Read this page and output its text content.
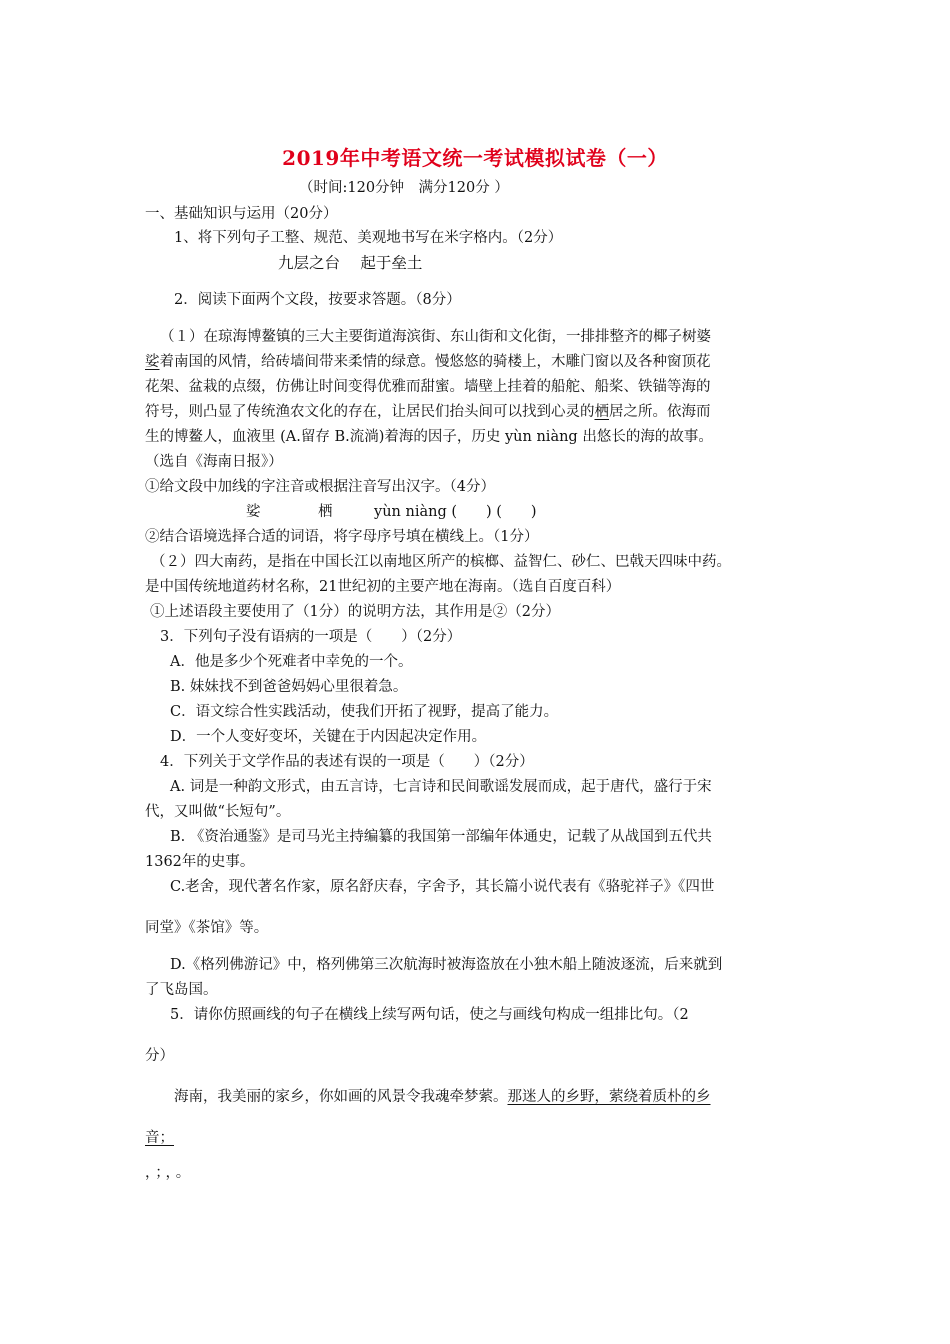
2019年中考语文统一考试模拟试卷（一）
（时间:120分钟　满分120分 ）
一、基础知识与运用（20分）
1、将下列句子工整、规范、美观地书写在米字格内。（2分）
九层之台　 起于垒土
2．阅读下面两个文段，按要求答题。（8分）
（１）在琼海博鳌镇的三大主要街道海滨街、东山街和文化街，一排排整齐的椰子树婆
娑着南国的风情，给砖墙间带来柔情的绿意。慢悠悠的骑楼上，木雕门窗以及各种窗顶花
花架、盆栽的点缀，仿佛让时间变得优雅而甜蜜。墙壁上挂着的船舵、船桨、铁锚等海的
符号，则凸显了传统渔农文化的存在，让居民们抬头间可以找到心灵的栖居之所。依海而
生的博鳌人，血液里 (A.留存 B.流淌)着海的因子，历史 yùn niàng 出悠长的海的故事。
（选自《海南日报》）
①给文段中加线的字注音或根据注音写出汉字。（4分）
娑	栖	yùn niàng (　　) (　　)
②结合语境选择合适的词语，将字母序号填在横线上。（1分）
（２）四大南药，是指在中国长江以南地区所产的槟榔、益智仁、砂仁、巴戟天四味中药。
是中国传统地道药材名称，21世纪初的主要产地在海南。（选自百度百科）
①上述语段主要使用了（1分）的说明方法，其作用是②（2分）
3．下列句子没有语病的一项是（　　）（2分）
A．他是多少个死难者中幸免的一个。
B. 妹妹找不到爸爸妈妈心里很着急。
C．语文综合性实践活动，使我们开拓了视野，提高了能力。
D．一个人变好变坏，关键在于内因起决定作用。
4．下列关于文学作品的表述有误的一项是（　　）（2分）
A. 词是一种韵文形式，由五言诗，七言诗和民间歌谣发展而成，起于唐代，盛行于宋
代，又叫做“长短句”。
B. 《资治通鉴》是司马光主持编纂的我国第一部编年体通史，记载了从战国到五代共
1362年的史事。
C.老舍，现代著名作家，原名舒庆春，字舍予，其长篇小说代表有《骆驼祥子》《四世
同堂》《茶馆》等。
D.《格列佛游记》中，格列佛第三次航海时被海盗放在小独木船上随波逐流，后来就到
了飞岛国。
5．请你仿照画线的句子在横线上续写两句话，使之与画线句构成一组排比句。（2
分）
海南，我美丽的家乡，你如画的风景令我魂牵梦萦。那迷人的乡野，萦绕着质朴的乡
音；
，；，。
